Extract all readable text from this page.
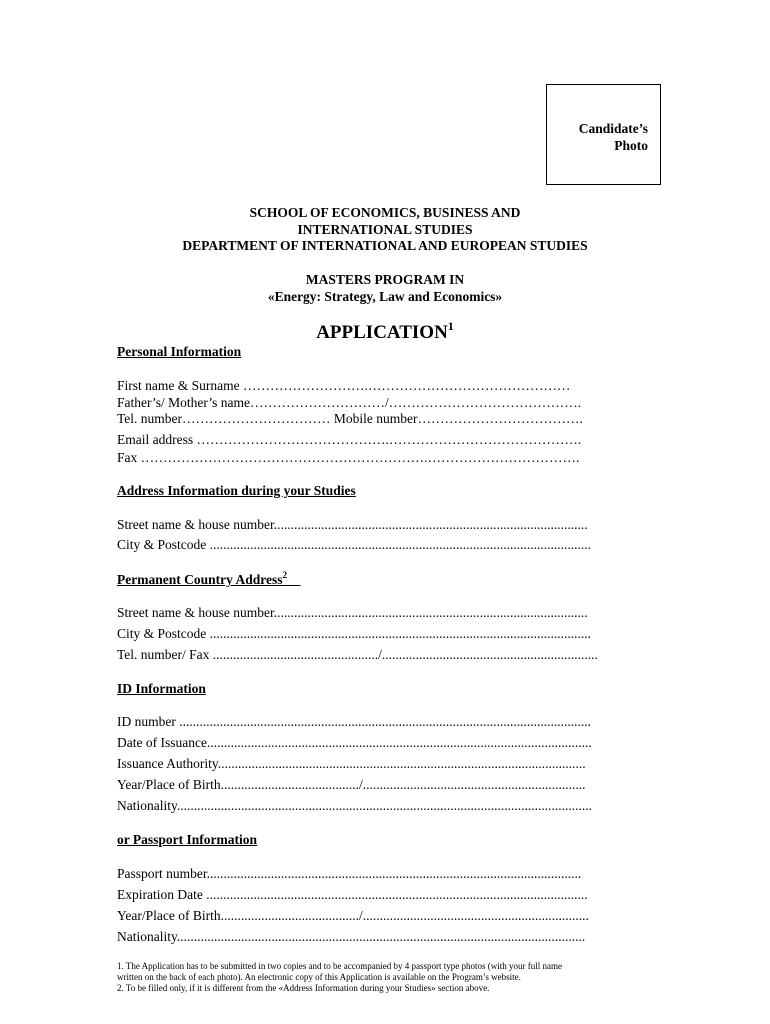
Candidate’s
Photo
SCHOOL OF ECONOMICS, BUSINESS AND
INTERNATIONAL STUDIES
DEPARTMENT OF INTERNATIONAL AND EUROPEAN STUDIES
MASTERS PROGRAM IN
«Energy: Strategy, Law and Economics»
APPLICATION$^1$
Personal Information
First name & Surname ……………………….………………………………………
Father’s/ Mother’s name…………………………/…………………………………….
Tel. number…………………………… Mobile number……………………………….
Email address …………………………………….…………………………………….
Fax ……………………………………………………….…………………………….
Address Information during your Studies
Street name & house number.............................................................................................
City & Postcode .................................................................................................................
Permanent Country Address$^2$
Street name & house number.............................................................................................
City & Postcode .................................................................................................................
Tel. number/ Fax ................................................./................................................................
ID Information
ID number ..........................................................................................................................
Date of Issuance..................................................................................................................
Issuance Authority.............................................................................................................
Year/Place of Birth........................................./..................................................................
Nationality...........................................................................................................................
or Passport Information
Passport number...............................................................................................................
Expiration Date .................................................................................................................
Year/Place of Birth........................................./...................................................................
Nationality.........................................................................................................................
1. The Application has to be submitted in two copies and to be accompanied by 4 passport type photos (with your full name
written on the back of each photo). An electronic copy of this Application is available on the Program’s website.
2. To be filled only, if it is different from the «Address Information during your Studies» section above.
